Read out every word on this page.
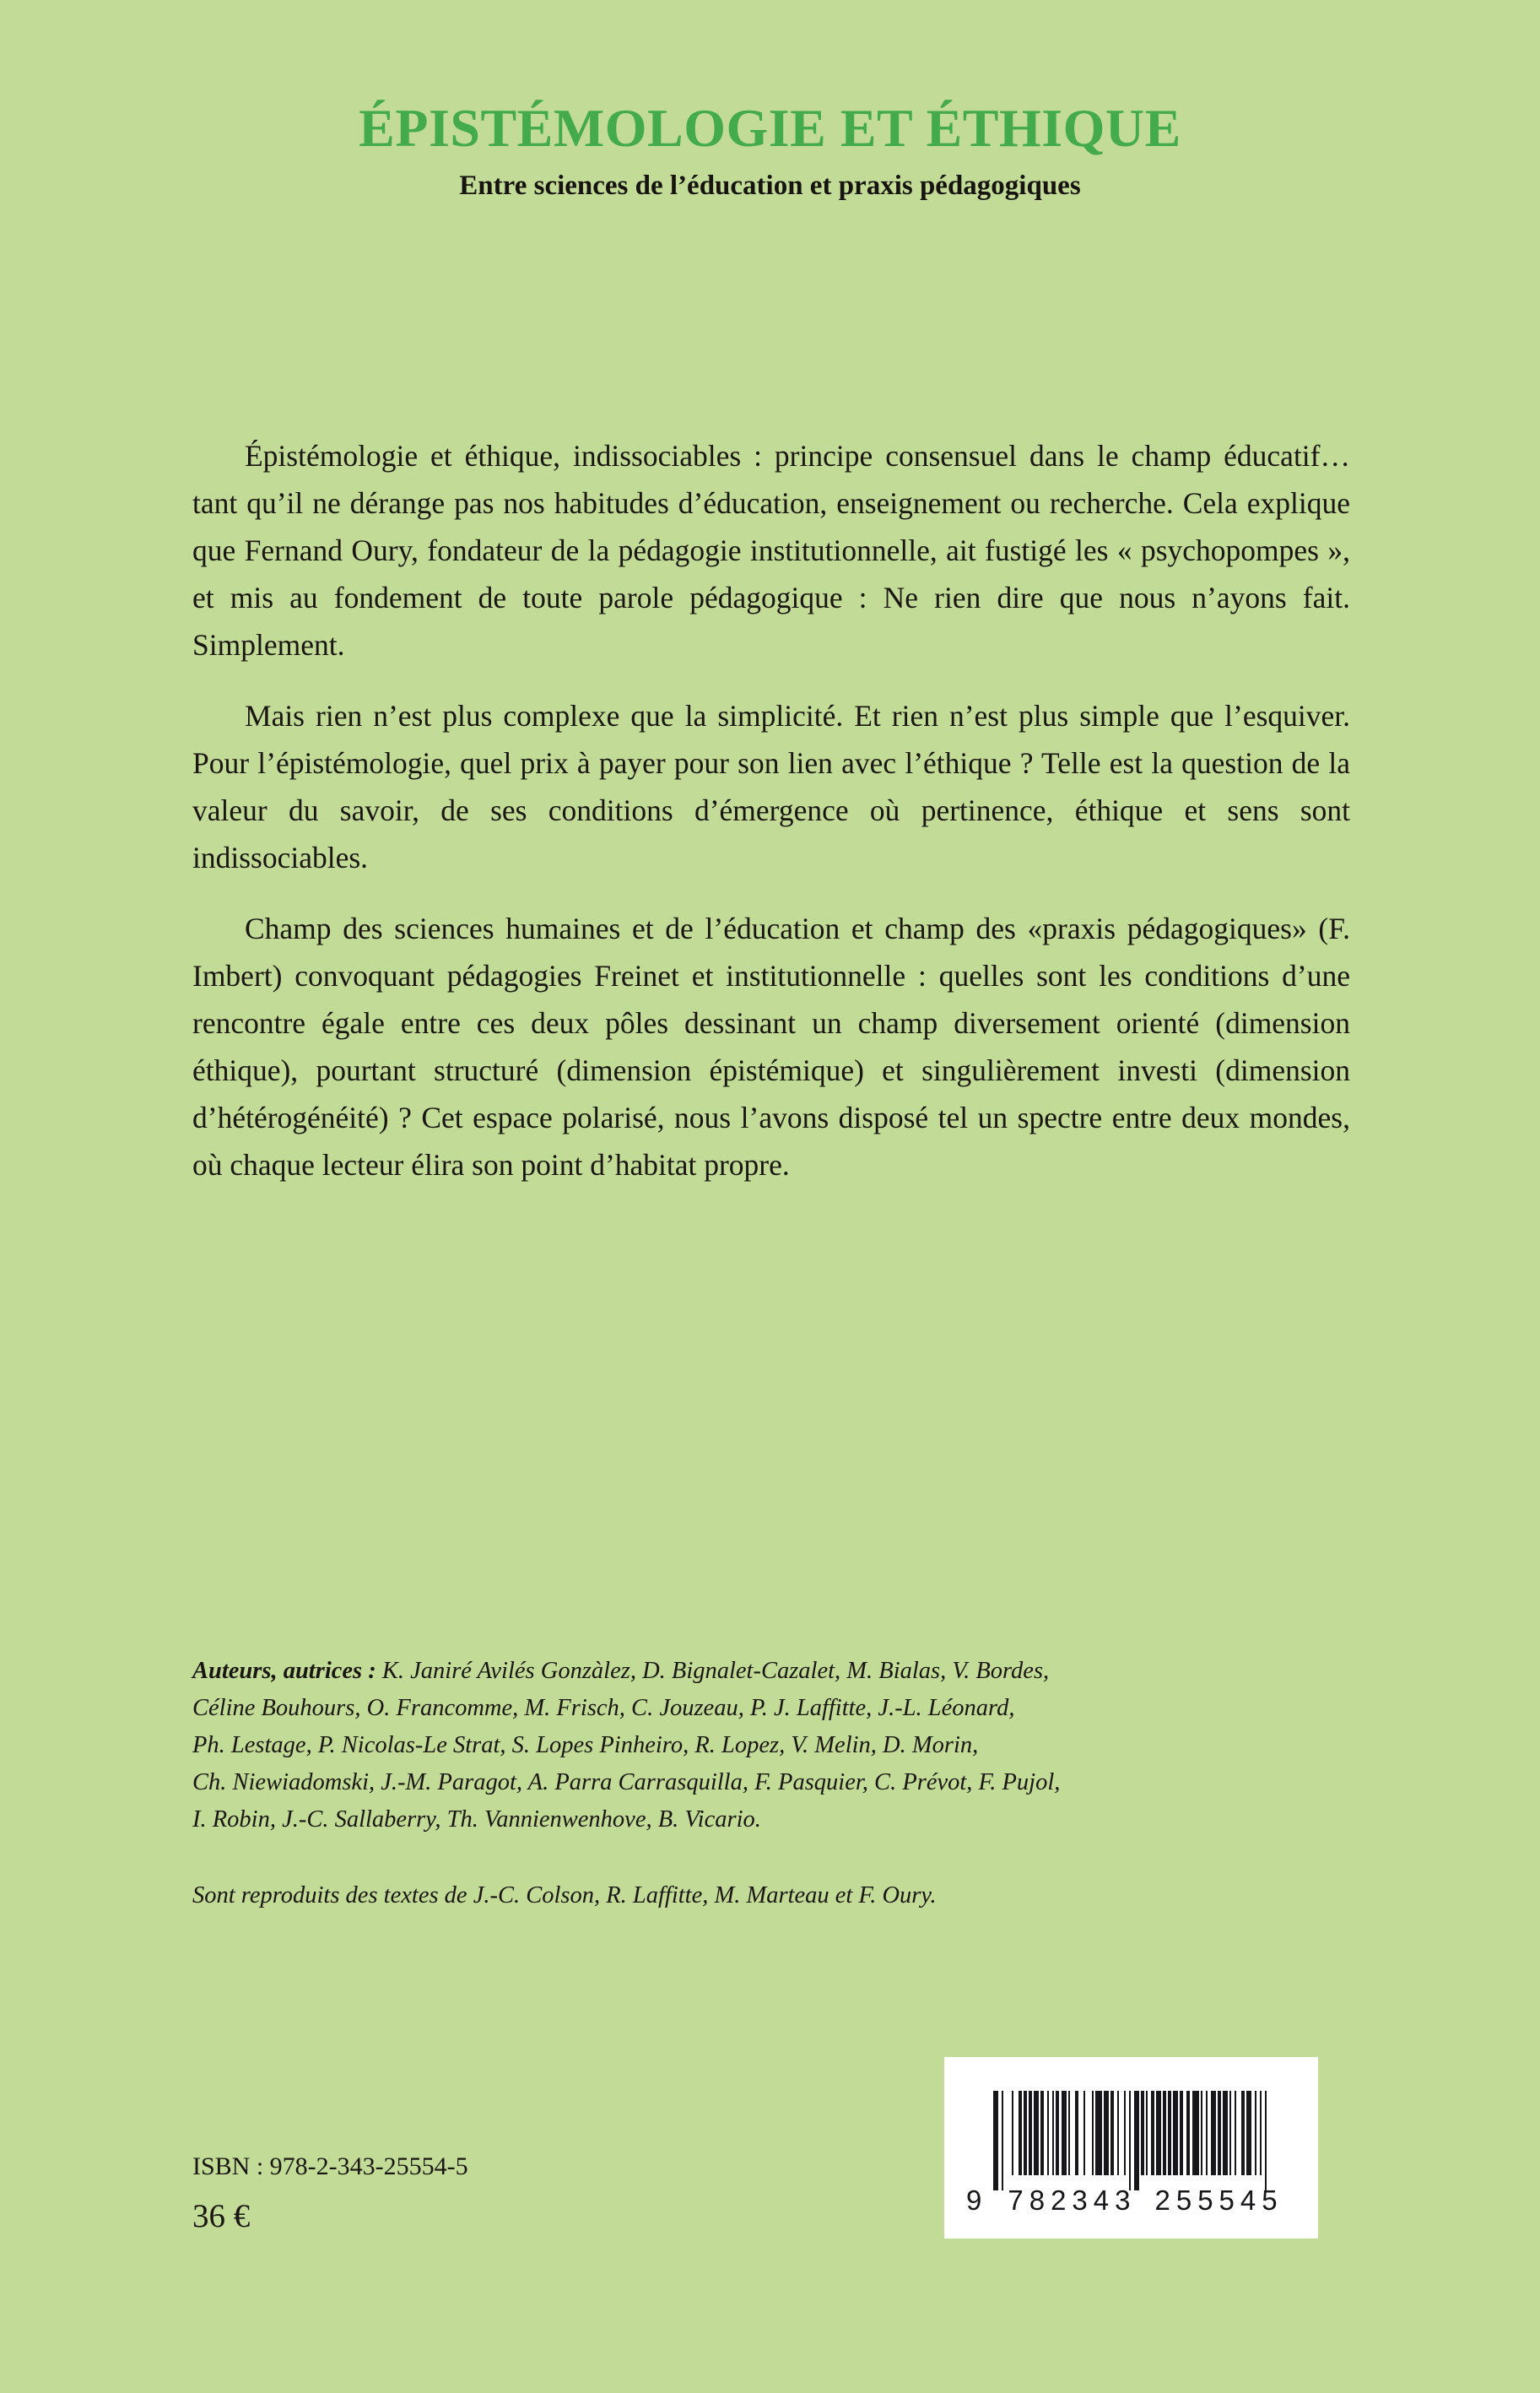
ÉPISTÉMOLOGIE ET ÉTHIQUE
Entre sciences de l’éducation et praxis pédagogiques

Épistémologie et éthique, indissociables : principe consensuel dans le champ éducatif… tant qu’il ne dérange pas nos habitudes d’éducation, enseignement ou recherche. Cela explique que Fernand Oury, fondateur de la pédagogie institutionnelle, ait fustigé les « psychopompes », et mis au fondement de toute parole pédagogique : Ne rien dire que nous n’ayons fait. Simplement.

Mais rien n’est plus complexe que la simplicité. Et rien n’est plus simple que l’esquiver. Pour l’épistémologie, quel prix à payer pour son lien avec l’éthique ? Telle est la question de la valeur du savoir, de ses conditions d’émergence où pertinence, éthique et sens sont indissociables.

Champ des sciences humaines et de l’éducation et champ des «praxis pédagogiques» (F. Imbert) convoquant pédagogies Freinet et institutionnelle : quelles sont les conditions d’une rencontre égale entre ces deux pôles dessinant un champ diversement orienté (dimension éthique), pourtant structuré (dimension épistémique) et singulièrement investi (dimension d’hétérogénéité) ? Cet espace polarisé, nous l’avons disposé tel un spectre entre deux mondes, où chaque lecteur élira son point d’habitat propre.

Auteurs, autrices : K. Janiré Avilés Gonzàlez, D. Bignalet-Cazalet, M. Bialas, V. Bordes,
Céline Bouhours, O. Francomme, M. Frisch, C. Jouzeau, P. J. Laffitte, J.-L. Léonard,
Ph. Lestage, P. Nicolas-Le Strat, S. Lopes Pinheiro, R. Lopez, V. Melin, D. Morin,
Ch. Niewiadomski, J.-M. Paragot, A. Parra Carrasquilla, F. Pasquier, C. Prévot, F. Pujol,
I. Robin, J.-C. Sallaberry, Th. Vannienwenhove, B. Vicario.
Sont reproduits des textes de J.-C. Colson, R. Laffitte, M. Marteau et F. Oury.
ISBN : 978-2-343-25554-5
36 €	9 782343 255545
